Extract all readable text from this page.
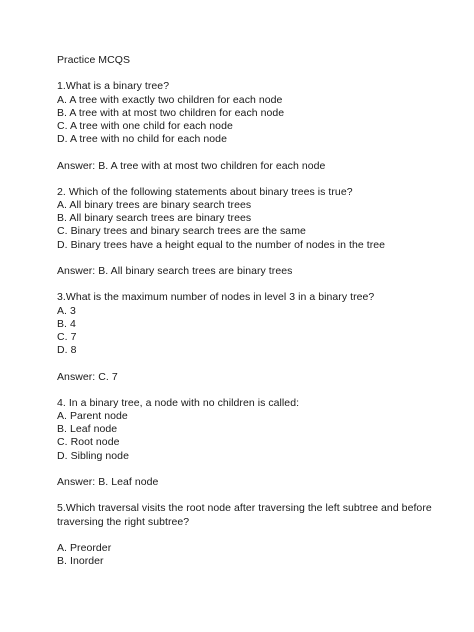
Practice MCQS
1.What is a binary tree?
A. A tree with exactly two children for each node
B. A tree with at most two children for each node
C. A tree with one child for each node
D. A tree with no child for each node
Answer: B. A tree with at most two children for each node
2. Which of the following statements about binary trees is true?
A. All binary trees are binary search trees
B. All binary search trees are binary trees
C. Binary trees and binary search trees are the same
D. Binary trees have a height equal to the number of nodes in the tree
Answer: B. All binary search trees are binary trees
3.What is the maximum number of nodes in level 3 in a binary tree?
A. 3
B. 4
C. 7
D. 8
Answer: C. 7
4. In a binary tree, a node with no children is called:
A. Parent node
B. Leaf node
C. Root node
D. Sibling node
Answer: B. Leaf node
5.Which traversal visits the root node after traversing the left subtree and before
traversing the right subtree?
A. Preorder
B. Inorder
